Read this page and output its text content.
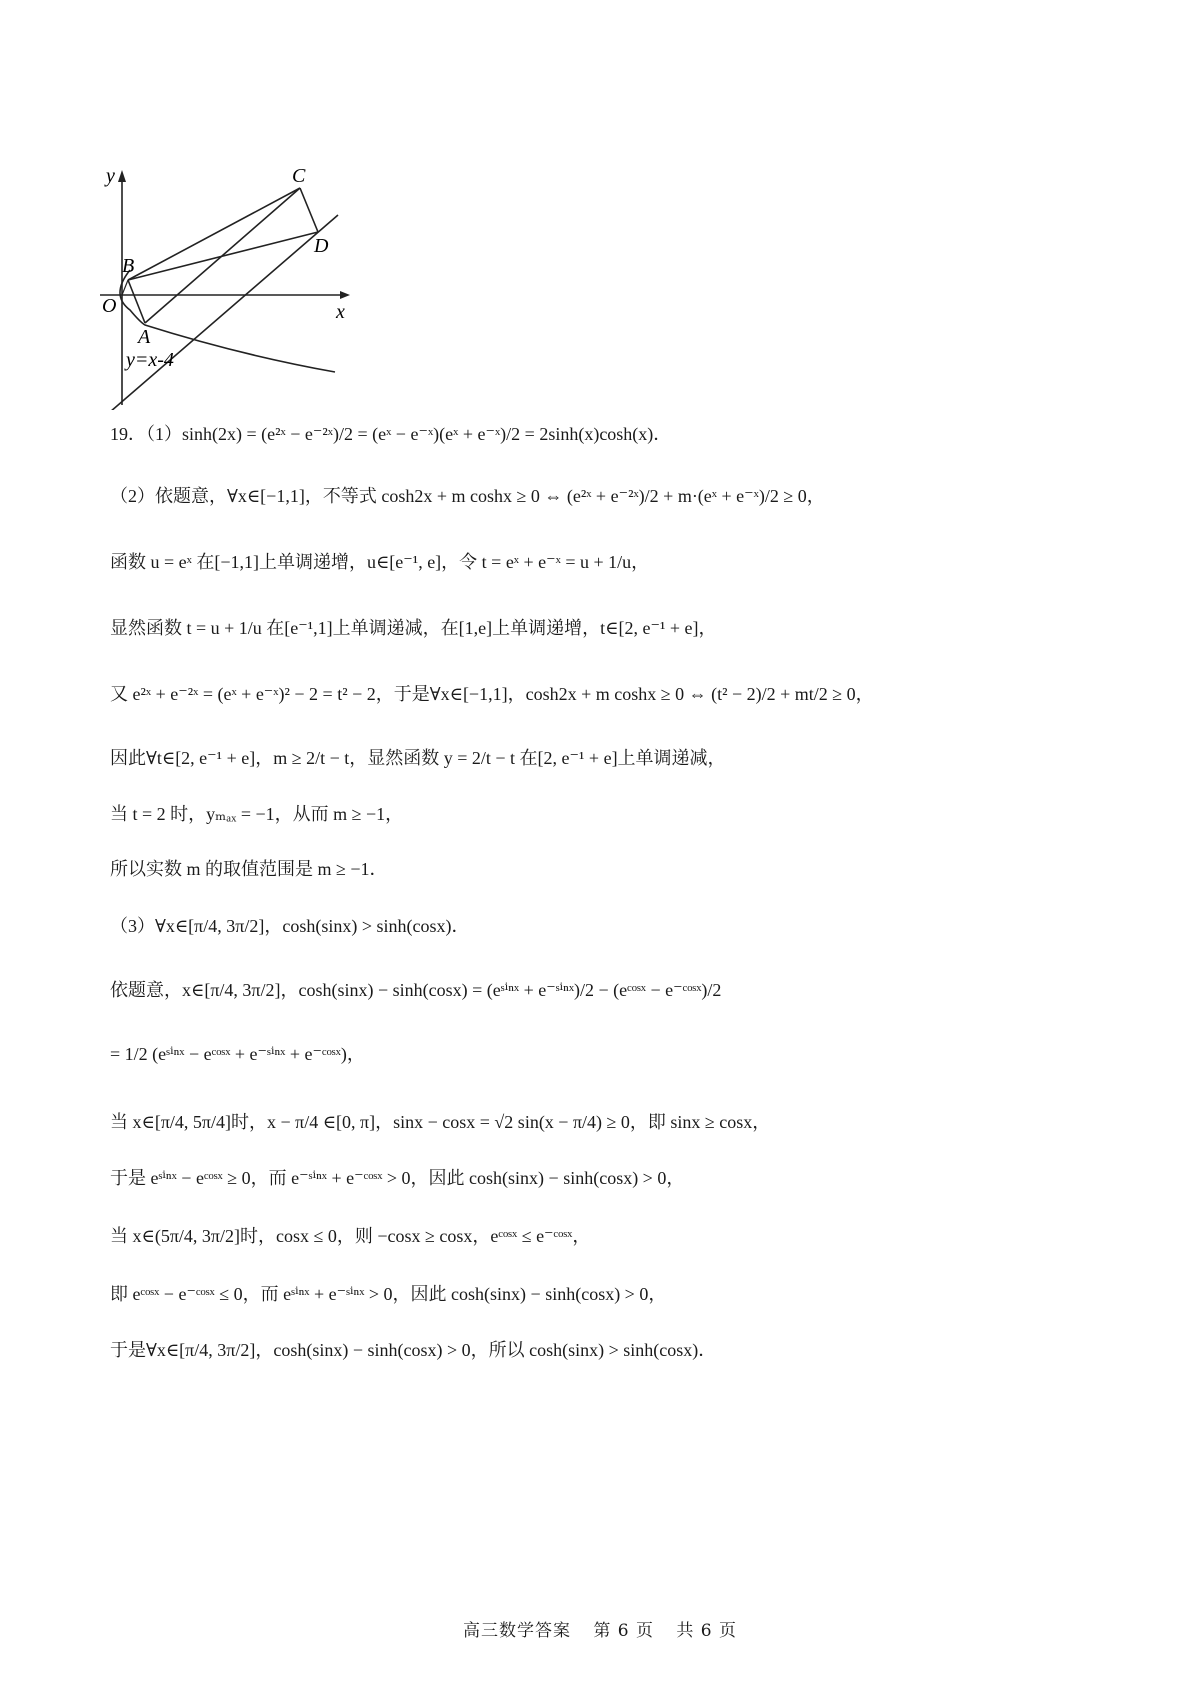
y
x
O
B
A
C
D
y=x-4
19．（1）sinh(2x) = (e²ˣ − e⁻²ˣ)/2 = (eˣ − e⁻ˣ)(eˣ + e⁻ˣ)/2 = 2sinh(x)cosh(x)．
（2）依题意，∀x∈[−1,1]，不等式 cosh2x + m coshx ≥ 0 ⇔ (e²ˣ + e⁻²ˣ)/2 + m·(eˣ + e⁻ˣ)/2 ≥ 0，
函数 u = eˣ 在[−1,1]上单调递增，u∈[e⁻¹, e]，令 t = eˣ + e⁻ˣ = u + 1/u，
显然函数 t = u + 1/u 在[e⁻¹,1]上单调递减，在[1,e]上单调递增，t∈[2, e⁻¹ + e]，
又 e²ˣ + e⁻²ˣ = (eˣ + e⁻ˣ)² − 2 = t² − 2，于是∀x∈[−1,1]，cosh2x + m coshx ≥ 0 ⇔ (t² − 2)/2 + mt/2 ≥ 0，
因此∀t∈[2, e⁻¹ + e]，m ≥ 2/t − t，显然函数 y = 2/t − t 在[2, e⁻¹ + e]上单调递减，
当 t = 2 时，yₘₐₓ = −1，从而 m ≥ −1，
所以实数 m 的取值范围是 m ≥ −1．
（3）∀x∈[π/4, 3π/2]，cosh(sinx) > sinh(cosx)．
依题意，x∈[π/4, 3π/2]，cosh(sinx) − sinh(cosx) = (eˢⁱⁿˣ + e⁻ˢⁱⁿˣ)/2 − (eᶜᵒˢˣ − e⁻ᶜᵒˢˣ)/2
= 1/2 (eˢⁱⁿˣ − eᶜᵒˢˣ + e⁻ˢⁱⁿˣ + e⁻ᶜᵒˢˣ)，
当 x∈[π/4, 5π/4]时，x − π/4 ∈[0, π]，sinx − cosx = √2 sin(x − π/4) ≥ 0，即 sinx ≥ cosx，
于是 eˢⁱⁿˣ − eᶜᵒˢˣ ≥ 0，而 e⁻ˢⁱⁿˣ + e⁻ᶜᵒˢˣ > 0，因此 cosh(sinx) − sinh(cosx) > 0，
当 x∈(5π/4, 3π/2]时，cosx ≤ 0，则 −cosx ≥ cosx，eᶜᵒˢˣ ≤ e⁻ᶜᵒˢˣ，
即 eᶜᵒˢˣ − e⁻ᶜᵒˢˣ ≤ 0，而 eˢⁱⁿˣ + e⁻ˢⁱⁿˣ > 0，因此 cosh(sinx) − sinh(cosx) > 0，
于是∀x∈[π/4, 3π/2]，cosh(sinx) − sinh(cosx) > 0，所以 cosh(sinx) > sinh(cosx)．
高三数学答案 第 6 页 共 6 页
